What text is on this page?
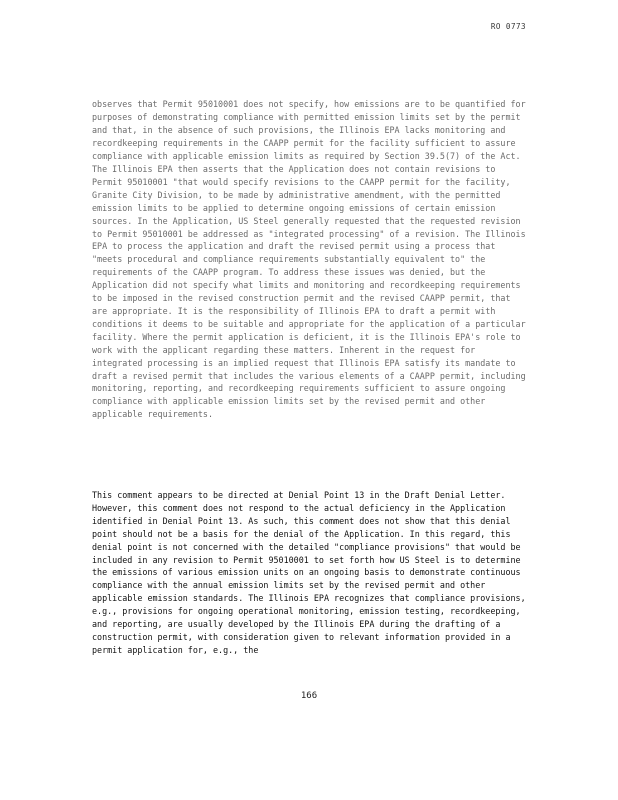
RO 0773
observes that Permit 95010001 does not specify, how emissions are to be quantified for purposes of demonstrating compliance with permitted emission limits set by the permit and that, in the absence of such provisions, the Illinois EPA lacks monitoring and recordkeeping requirements in the CAAPP permit for the facility sufficient to assure compliance with applicable emission limits as required by Section 39.5(7) of the Act.
The Illinois EPA then asserts that the Application does not contain revisions to Permit 95010001 "that would specify revisions to the CAAPP permit for the facility, Granite City Division, to be made by administrative amendment, with the permitted emission limits to be applied to determine ongoing emissions of certain emission sources. In the Application, US Steel generally requested that the requested revision to Permit 95010001 be addressed as "integrated processing" of a revision. The Illinois EPA to process the application and draft the revised permit using a process that "meets procedural and compliance requirements substantially equivalent to" the requirements of the CAAPP program. To address these issues was denied, but the Application did not specify what limits and monitoring and recordkeeping requirements to be imposed in the revised construction permit and the revised CAAPP permit, that are appropriate. It is the responsibility of Illinois EPA to draft a permit with conditions it deems to be suitable and appropriate for the application of a particular facility. Where the permit application is deficient, it is the Illinois EPA's role to work with the applicant regarding these matters. Inherent in the request for integrated processing is an implied request that Illinois EPA satisfy its mandate to draft a revised permit that includes the various elements of a CAAPP permit, including monitoring, reporting, and recordkeeping requirements sufficient to assure ongoing compliance with applicable emission limits set by the revised permit and other applicable requirements.
This comment appears to be directed at Denial Point 13 in the Draft Denial Letter. However, this comment does not respond to the actual deficiency in the Application identified in Denial Point 13. As such, this comment does not show that this denial point should not be a basis for the denial of the Application. In this regard, this denial point is not concerned with the detailed "compliance provisions" that would be included in any revision to Permit 95010001 to set forth how US Steel is to determine the emissions of various emission units on an ongoing basis to demonstrate continuous compliance with the annual emission limits set by the revised permit and other applicable emission standards. The Illinois EPA recognizes that compliance provisions, e.g., provisions for ongoing operational monitoring, emission testing, recordkeeping, and reporting, are usually developed by the Illinois EPA during the drafting of a construction permit, with consideration given to relevant information provided in a permit application for, e.g., the
166
